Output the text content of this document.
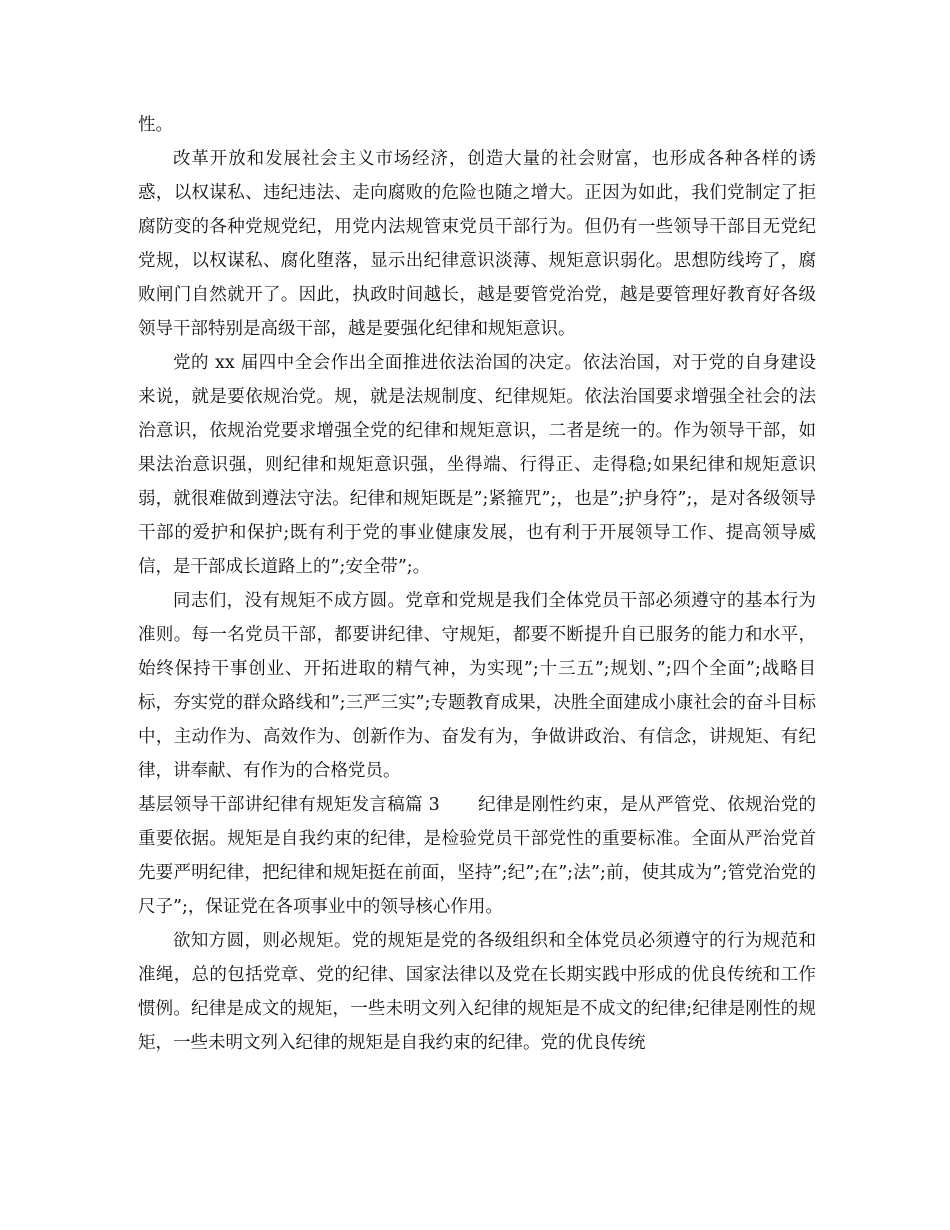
性。

改革开放和发展社会主义市场经济，创造大量的社会财富，也形成各种各样的诱惑，以权谋私、违纪违法、走向腐败的危险也随之增大。正因为如此，我们党制定了拒腐防变的各种党规党纪，用党内法规管束党员干部行为。但仍有一些领导干部目无党纪党规，以权谋私、腐化堕落，显示出纪律意识淡薄、规矩意识弱化。思想防线垮了，腐败闸门自然就开了。因此，执政时间越长，越是要管党治党，越是要管理好教育好各级领导干部特别是高级干部，越是要强化纪律和规矩意识。

党的 xx 届四中全会作出全面推进依法治国的决定。依法治国，对于党的自身建设来说，就是要依规治党。规，就是法规制度、纪律规矩。依法治国要求增强全社会的法治意识，依规治党要求增强全党的纪律和规矩意识，二者是统一的。作为领导干部，如果法治意识强，则纪律和规矩意识强，坐得端、行得正、走得稳;如果纪律和规矩意识弱，就很难做到遵法守法。纪律和规矩既是”;紧箍咒”;，也是”;护身符”;，是对各级领导干部的爱护和保护;既有利于党的事业健康发展，也有利于开展领导工作、提高领导威信，是干部成长道路上的”;安全带”;。

同志们，没有规矩不成方圆。党章和党规是我们全体党员干部必须遵守的基本行为准则。每一名党员干部，都要讲纪律、守规矩，都要不断提升自已服务的能力和水平，始终保持干事创业、开拓进取的精气神，为实现”;十三五”;规划、”;四个全面”;战略目标，夯实党的群众路线和”;三严三实”;专题教育成果，决胜全面建成小康社会的奋斗目标中，主动作为、高效作为、创新作为、奋发有为，争做讲政治、有信念，讲规矩、有纪律，讲奉献、有作为的合格党员。

基层领导干部讲纪律有规矩发言稿篇 3 纪律是刚性约束，是从严管党、依规治党的重要依据。规矩是自我约束的纪律，是检验党员干部党性的重要标准。全面从严治党首先要严明纪律，把纪律和规矩挺在前面，坚持”;纪”;在”;法”;前，使其成为”;管党治党的尺子”;，保证党在各项事业中的领导核心作用。

欲知方圆，则必规矩。党的规矩是党的各级组织和全体党员必须遵守的行为规范和准绳，总的包括党章、党的纪律、国家法律以及党在长期实践中形成的优良传统和工作惯例。纪律是成文的规矩，一些未明文列入纪律的规矩是不成文的纪律;纪律是刚性的规矩，一些未明文列入纪律的规矩是自我约束的纪律。党的优良传统
